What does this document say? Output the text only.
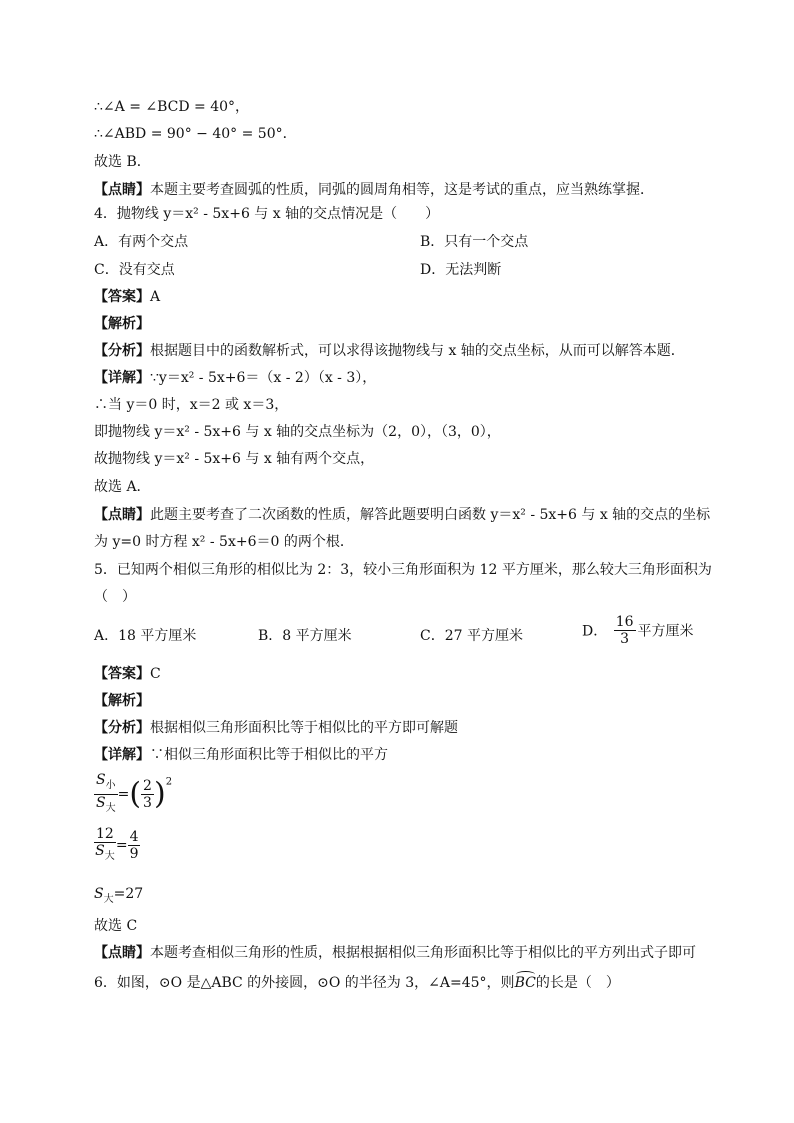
∴∠A = ∠BCD = 40°，
∴∠ABD = 90° − 40° = 50°．
故选 B．
【点睛】本题主要考查圆弧的性质，同弧的圆周角相等，这是考试的重点，应当熟练掌握．
4．抛物线 y＝x² - 5x+6 与 x 轴的交点情况是（　　）
A．有两个交点	B．只有一个交点
C．没有交点	D．无法判断
【答案】A
【解析】
【分析】根据题目中的函数解析式，可以求得该抛物线与 x 轴的交点坐标，从而可以解答本题．
【详解】∵y＝x² - 5x+6＝（x - 2）（x - 3），
∴当 y＝0 时，x＝2 或 x＝3，
即抛物线 y＝x² - 5x+6 与 x 轴的交点坐标为（2，0），（3，0），
故抛物线 y＝x² - 5x+6 与 x 轴有两个交点，
故选 A．
【点睛】此题主要考查了二次函数的性质，解答此题要明白函数 y＝x² - 5x+6 与 x 轴的交点的坐标
为 y=0 时方程 x² - 5x+6＝0 的两个根．
5．已知两个相似三角形的相似比为 2：3，较小三角形面积为 12 平方厘米，那么较大三角形面积为
（　）
A．18 平方厘米	B．8 平方厘米	C．27 平方厘米	D． $\frac{16}{3}$ 平方厘米
【答案】C
【解析】
【分析】根据相似三角形面积比等于相似比的平方即可解题
【详解】∵相似三角形面积比等于相似比的平方
$\frac{S_小}{S_大}$ =( $\frac{2}{3} )^2$
$\frac{12}{S_大} = \frac{4}{9}$
$S_大=27$
故选 C
【点睛】本题考查相似三角形的性质，根据根据相似三角形面积比等于相似比的平方列出式子即可
6．如图，⊙O 是△ABC 的外接圆，⊙O 的半径为 3，∠A=45°，则BC的长是（　）
